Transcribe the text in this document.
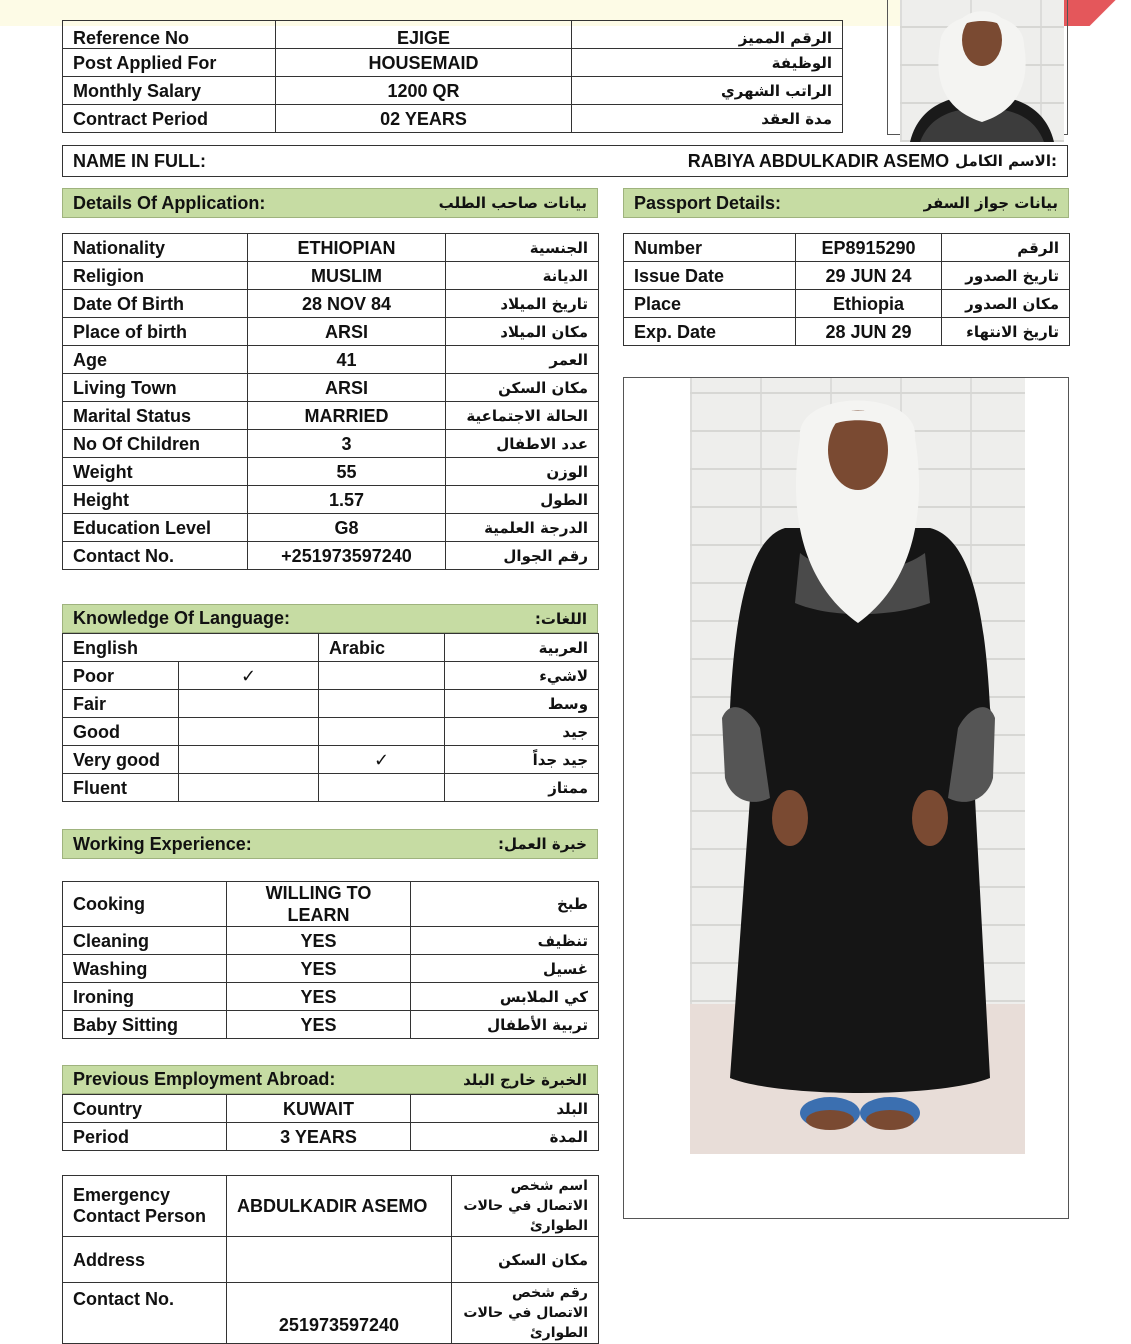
Reference No	EJIGE	الرقم المميز
Post Applied For	HOUSEMAID	الوظيفة
Monthly Salary	1200 QR	الراتب الشهري
Contract Period	02 YEARS	مدة العقد
NAME IN FULL:	RABIYA ABDULKADIR ASEMO :الاسم الكامل
Details Of Application:	بيانات صاحب الطلب
Nationality	ETHIOPIAN	الجنسية
Religion	MUSLIM	الديانة
Date Of Birth	28 NOV 84	تاريخ الميلاد
Place of birth	ARSI	مكان الميلاد
Age	41	العمر
Living Town	ARSI	مكان السكن
Marital Status	MARRIED	الحالة الاجتماعية
No Of Children	3	عدد الاطفال
Weight	55	الوزن
Height	1.57	الطول
Education Level	G8	الدرجة العلمية
Contact No.	+251973597240	رقم الجوال
Passport Details:	بيانات جواز السفر
Number	EP8915290	الرقم
Issue Date	29 JUN 24	تاريخ الصدور
Place	Ethiopia	مكان الصدور
Exp. Date	28 JUN 29	تاريخ الانتهاء
Knowledge Of Language:	اللغات:
English		Arabic	العربية
Poor	✓		لاشيء
Fair			وسط
Good			جيد
Very good		✓	جيد جداً
Fluent			ممتاز
Working Experience:	خبرة العمل:
Cooking	WILLING TO LEARN	طبخ
Cleaning	YES	تنظيف
Washing	YES	غسيل
Ironing	YES	كي الملابس
Baby Sitting	YES	تربية الأطفال
Previous Employment Abroad:	الخبرة خارج البلد
Country	KUWAIT	البلد
Period	3 YEARS	المدة
Emergency Contact Person	ABDULKADIR ASEMO	اسم شخص الاتصال في حالات الطوارئ
Address		مكان السكن
Contact No.	251973597240	رقم شخص الاتصال في حالات الطوارئ
